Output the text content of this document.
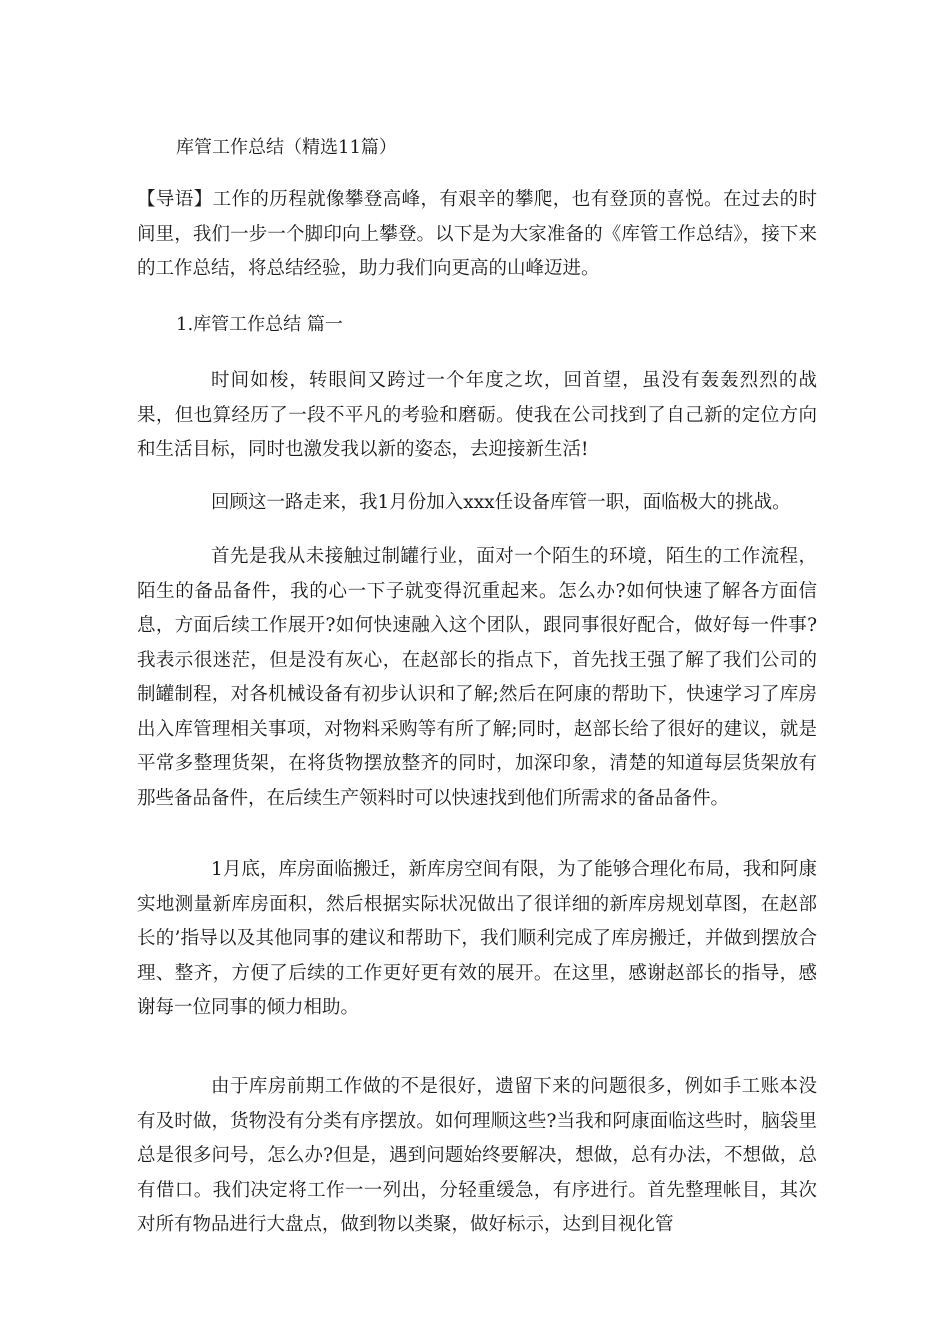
库管工作总结（精选11篇）

【导语】工作的历程就像攀登高峰，有艰辛的攀爬，也有登顶的喜悦。在过去的时间里，我们一步一个脚印向上攀登。以下是为大家准备的《库管工作总结》，接下来的工作总结，将总结经验，助力我们向更高的山峰迈进。

1.库管工作总结 篇一

时间如梭，转眼间又跨过一个年度之坎，回首望，虽没有轰轰烈烈的战果，但也算经历了一段不平凡的考验和磨砺。使我在公司找到了自己新的定位方向和生活目标，同时也激发我以新的姿态，去迎接新生活!

回顾这一路走来，我1月份加入xxx任设备库管一职，面临极大的挑战。

首先是我从未接触过制罐行业，面对一个陌生的环境，陌生的工作流程，陌生的备品备件，我的心一下子就变得沉重起来。怎么办?如何快速了解各方面信息，方面后续工作展开?如何快速融入这个团队，跟同事很好配合，做好每一件事?我表示很迷茫，但是没有灰心，在赵部长的指点下，首先找王强了解了我们公司的制罐制程，对各机械设备有初步认识和了解;然后在阿康的帮助下，快速学习了库房出入库管理相关事项，对物料采购等有所了解;同时，赵部长给了很好的建议，就是平常多整理货架，在将货物摆放整齐的同时，加深印象，清楚的知道每层货架放有那些备品备件，在后续生产领料时可以快速找到他们所需求的备品备件。

1月底，库房面临搬迁，新库房空间有限，为了能够合理化布局，我和阿康实地测量新库房面积，然后根据实际状况做出了很详细的新库房规划草图，在赵部长的’指导以及其他同事的建议和帮助下，我们顺利完成了库房搬迁，并做到摆放合理、整齐，方便了后续的工作更好更有效的展开。在这里，感谢赵部长的指导，感谢每一位同事的倾力相助。

由于库房前期工作做的不是很好，遗留下来的问题很多，例如手工账本没有及时做，货物没有分类有序摆放。如何理顺这些?当我和阿康面临这些时，脑袋里总是很多问号，怎么办?但是，遇到问题始终要解决，想做，总有办法，不想做，总有借口。我们决定将工作一一列出，分轻重缓急，有序进行。首先整理帐目，其次对所有物品进行大盘点，做到物以类聚，做好标示，达到目视化管
